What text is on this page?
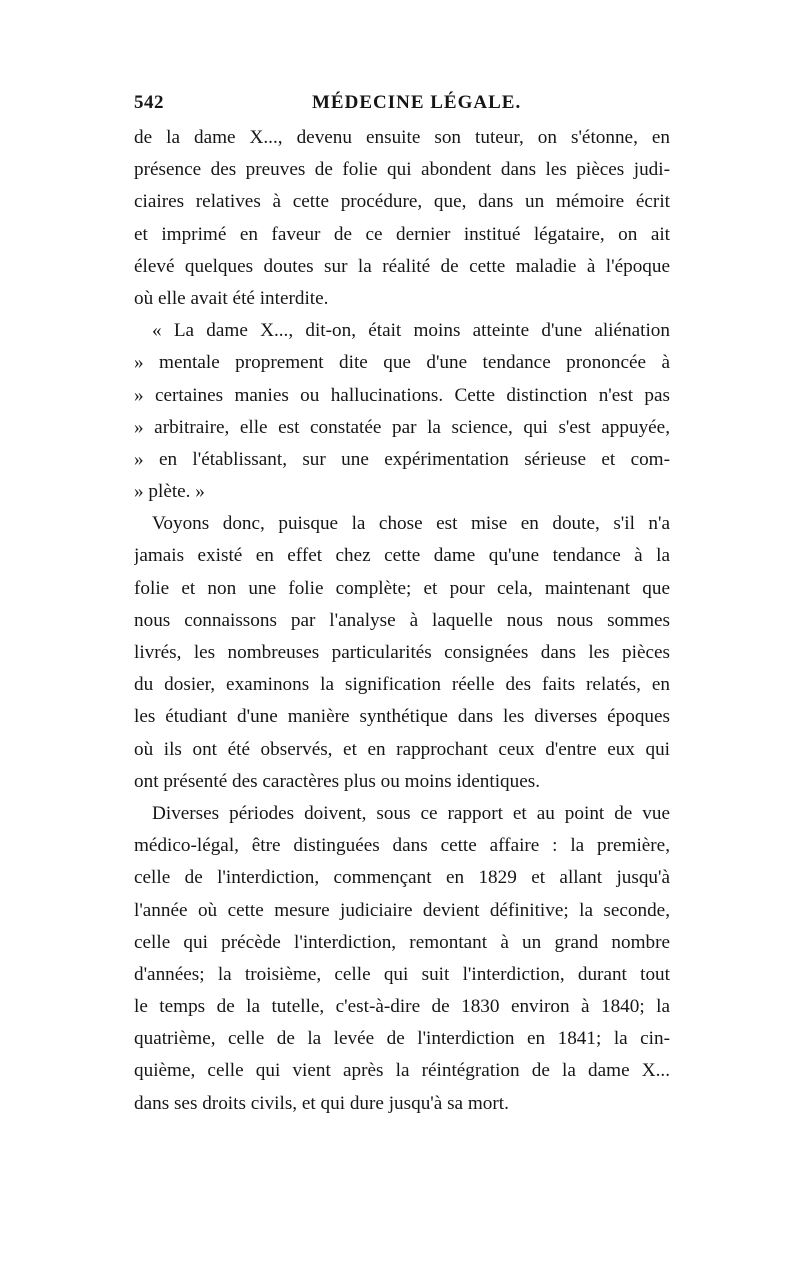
542	MÉDECINE LÉGALE.
de la dame X..., devenu ensuite son tuteur, on s'étonne, en
présence des preuves de folie qui abondent dans les pièces judi-
ciaires relatives à cette procédure, que, dans un mémoire écrit
et imprimé en faveur de ce dernier institué légataire, on ait
élevé quelques doutes sur la réalité de cette maladie à l'époque
où elle avait été interdite.
« La dame X..., dit-on, était moins atteinte d'une aliénation
» mentale proprement dite que d'une tendance prononcée à
» certaines manies ou hallucinations. Cette distinction n'est pas
» arbitraire, elle est constatée par la science, qui s'est appuyée,
» en l'établissant, sur une expérimentation sérieuse et com-
» plète. »
Voyons donc, puisque la chose est mise en doute, s'il n'a
jamais existé en effet chez cette dame qu'une tendance à la
folie et non une folie complète; et pour cela, maintenant que
nous connaissons par l'analyse à laquelle nous nous sommes
livrés, les nombreuses particularités consignées dans les pièces
du dosier, examinons la signification réelle des faits relatés, en
les étudiant d'une manière synthétique dans les diverses époques
où ils ont été observés, et en rapprochant ceux d'entre eux qui
ont présenté des caractères plus ou moins identiques.
Diverses périodes doivent, sous ce rapport et au point de vue
médico-légal, être distinguées dans cette affaire : la première,
celle de l'interdiction, commençant en 1829 et allant jusqu'à
l'année où cette mesure judiciaire devient définitive; la seconde,
celle qui précède l'interdiction, remontant à un grand nombre
d'années; la troisième, celle qui suit l'interdiction, durant tout
le temps de la tutelle, c'est-à-dire de 1830 environ à 1840; la
quatrième, celle de la levée de l'interdiction en 1841; la cin-
quième, celle qui vient après la réintégration de la dame X...
dans ses droits civils, et qui dure jusqu'à sa mort.
